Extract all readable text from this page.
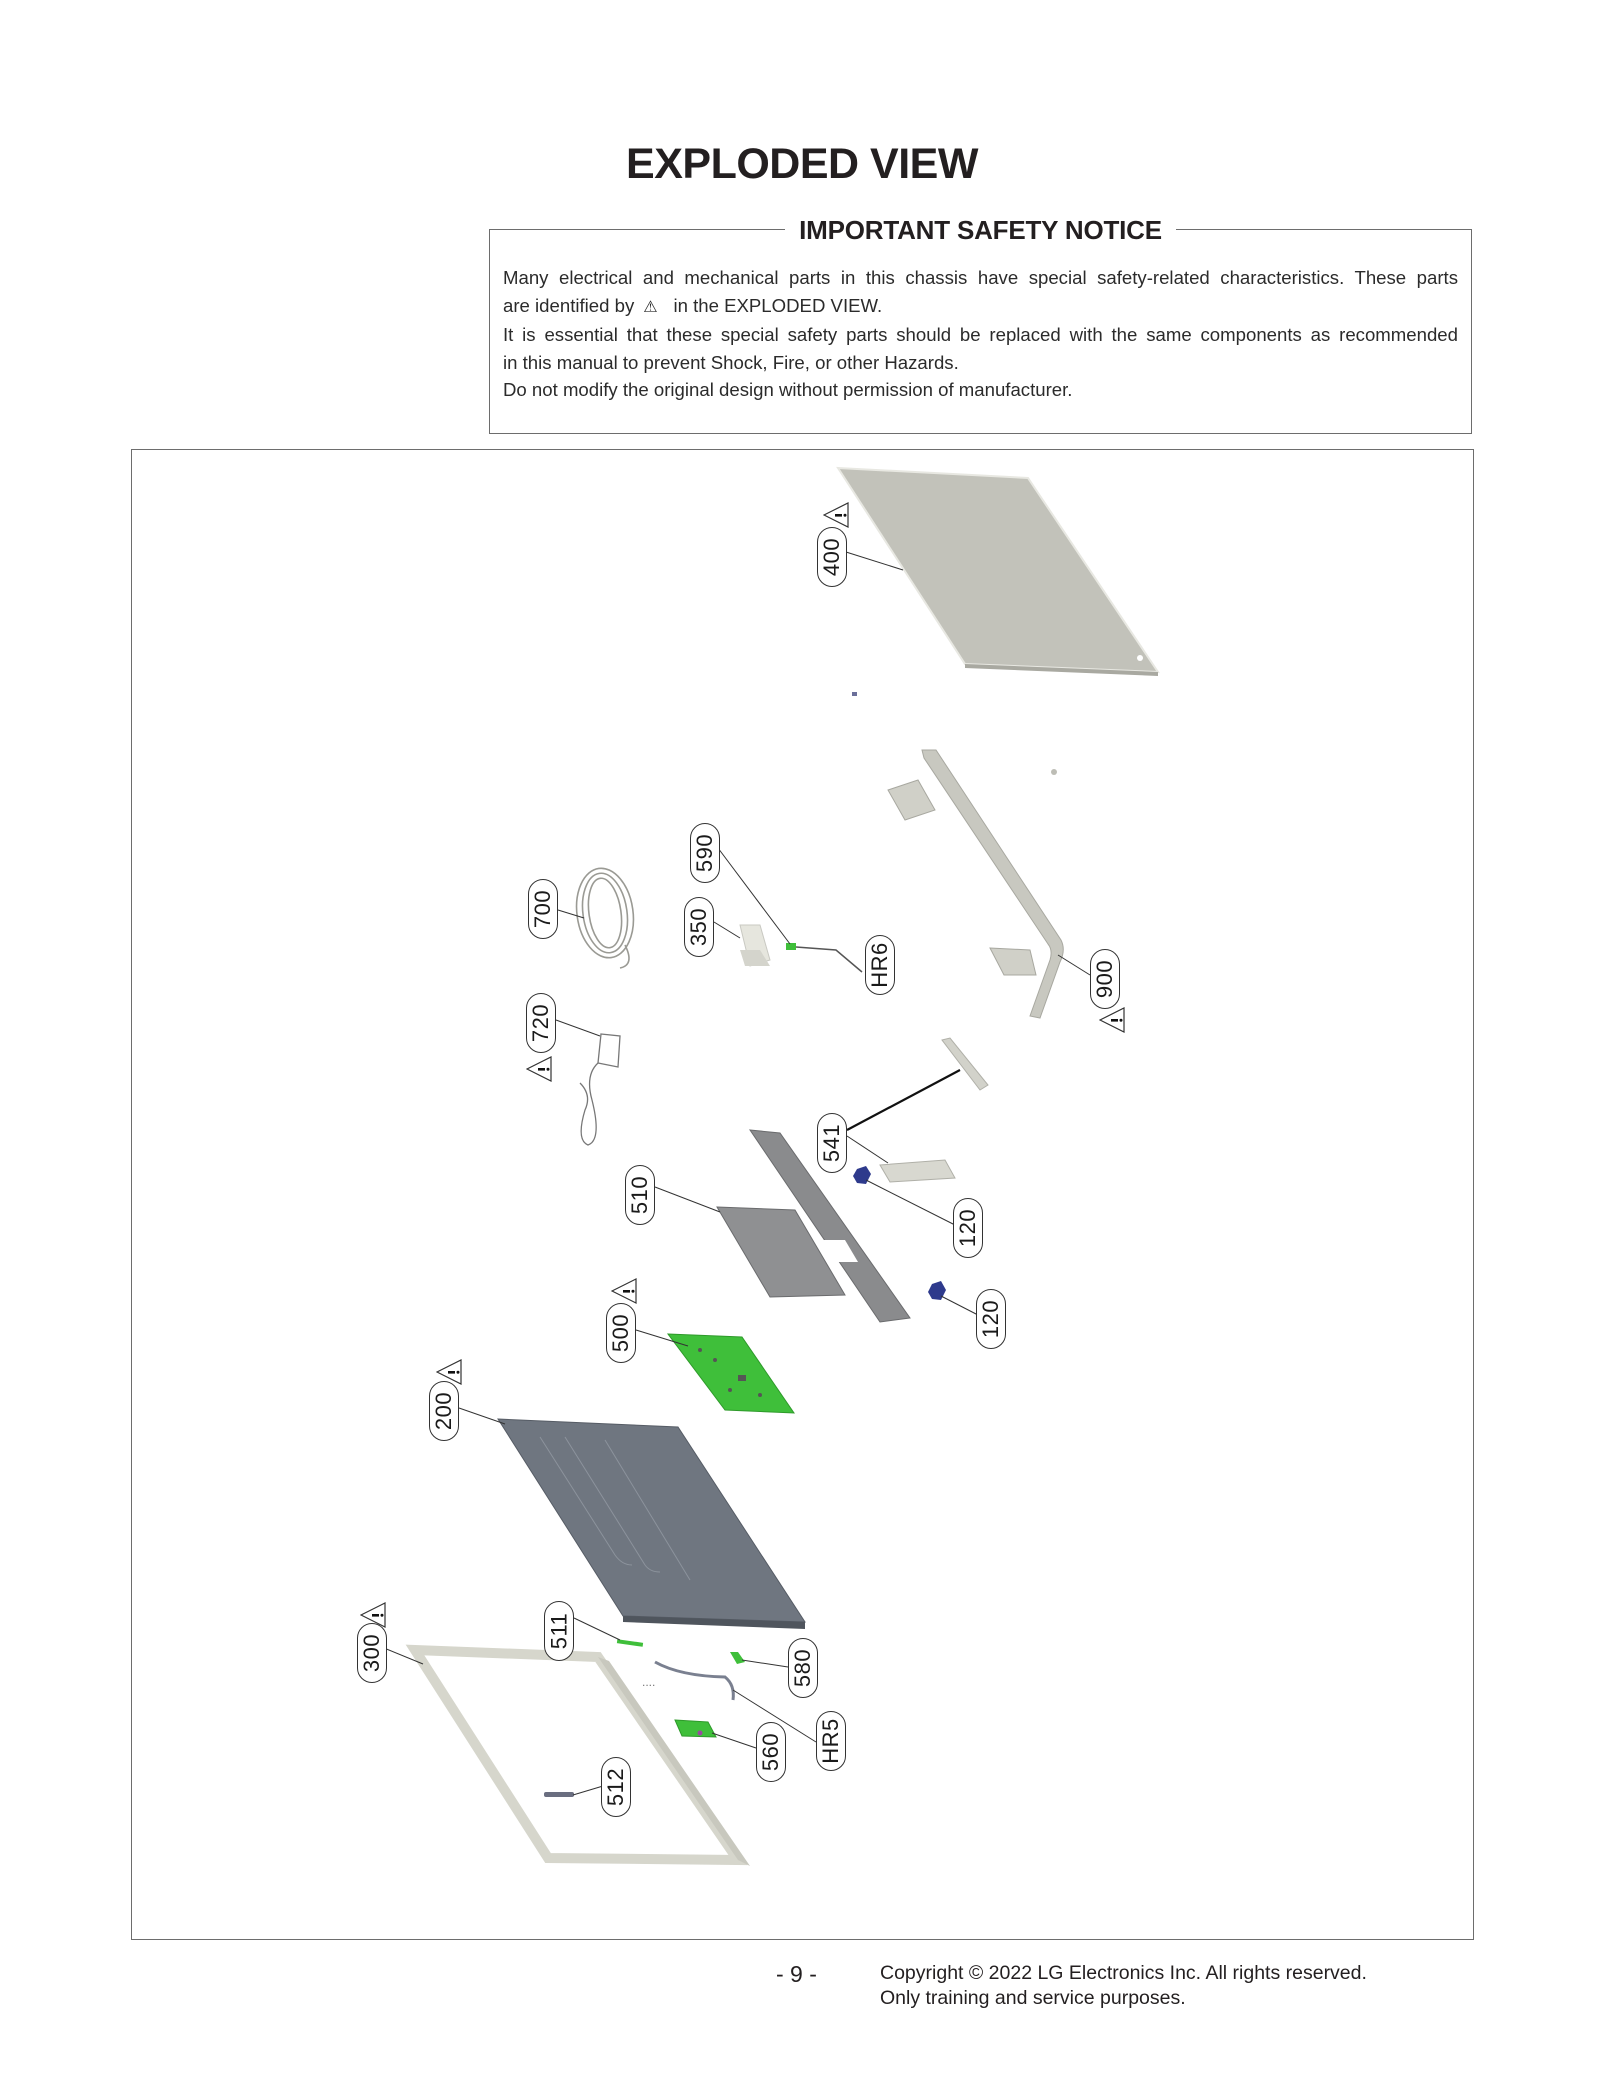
EXPLODED VIEW
IMPORTANT SAFETY NOTICE
Many electrical and mechanical parts in this chassis have special safety-related characteristics. These parts
are identified by ⚠ in the EXPLODED VIEW.
It is essential that these special safety parts should be replaced with the same components as recommended
in this manual to prevent Shock, Fire, or other Hazards.
Do not modify the original design without permission of manufacturer.
....
400
590
700	350
HR6	900
720
541
510
120
500	120
200
511
300	580
HR5
560
512
- 9 -	Copyright © 2022 LG Electronics Inc. All rights reserved.
Only training and service purposes.
